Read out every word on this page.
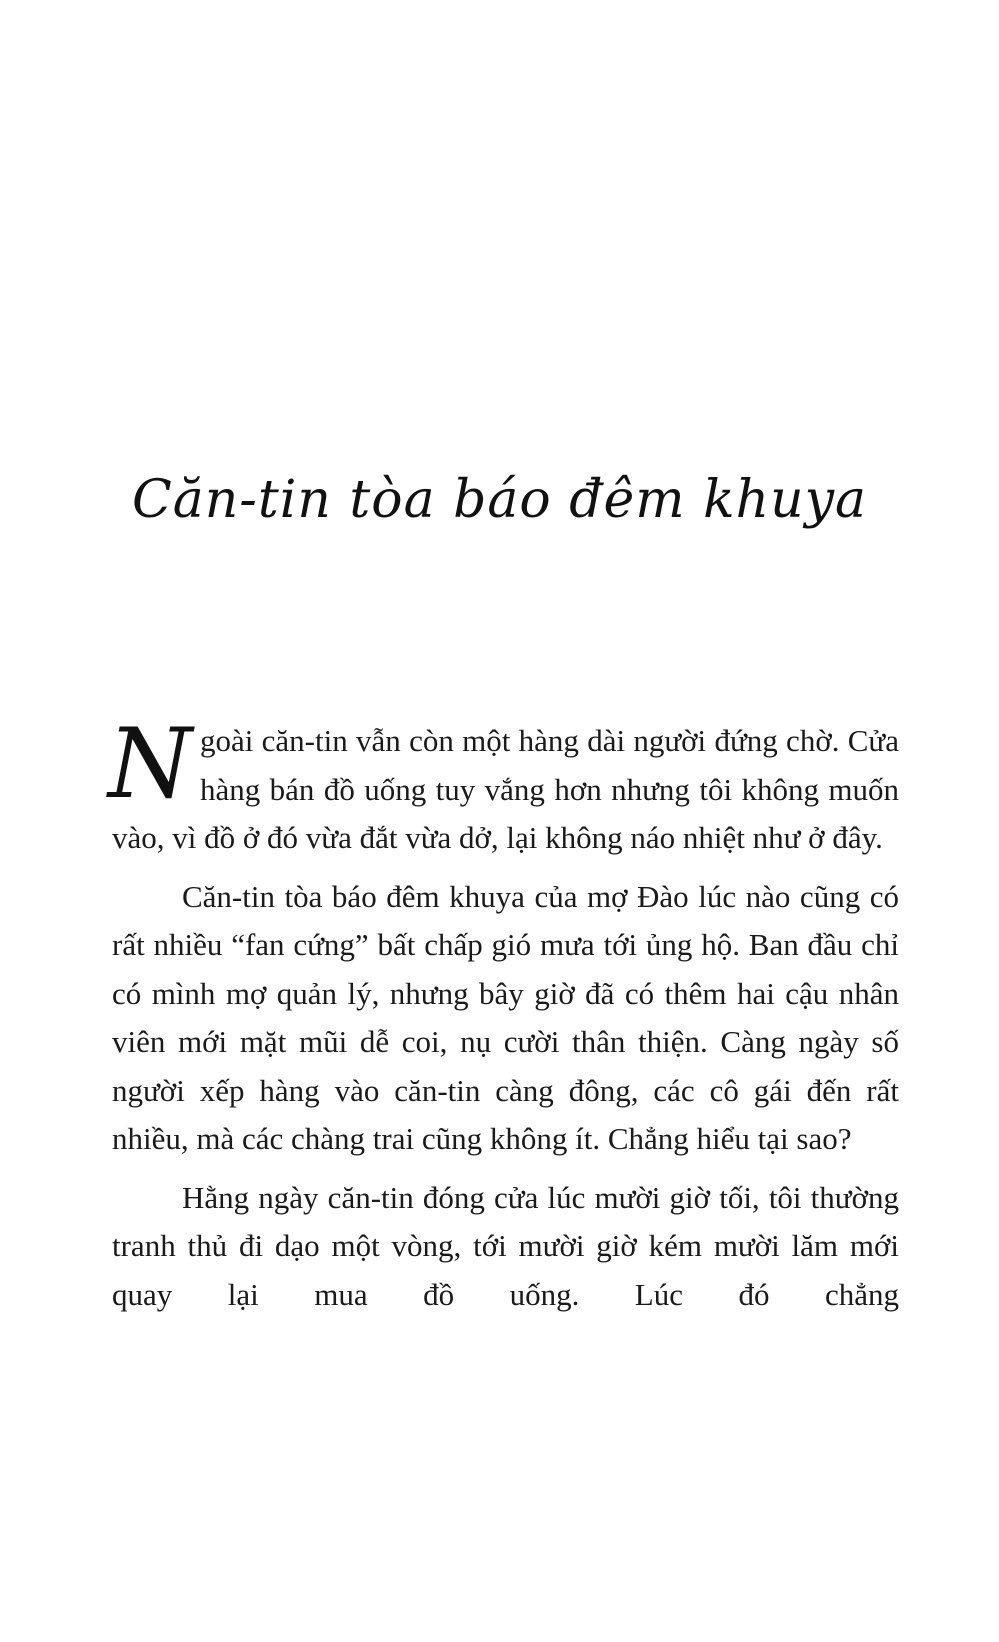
Căn-tin tòa báo đêm khuya

Ngoài căn-tin vẫn còn một hàng dài người đứng chờ. Cửa hàng bán đồ uống tuy vắng hơn nhưng tôi không muốn vào, vì đồ ở đó vừa đắt vừa dở, lại không náo nhiệt như ở đây.

Căn-tin tòa báo đêm khuya của mợ Đào lúc nào cũng có rất nhiều “fan cứng” bất chấp gió mưa tới ủng hộ. Ban đầu chỉ có mình mợ quản lý, nhưng bây giờ đã có thêm hai cậu nhân viên mới mặt mũi dễ coi, nụ cười thân thiện. Càng ngày số người xếp hàng vào căn-tin càng đông, các cô gái đến rất nhiều, mà các chàng trai cũng không ít. Chẳng hiểu tại sao?

Hằng ngày căn-tin đóng cửa lúc mười giờ tối, tôi thường tranh thủ đi dạo một vòng, tới mười giờ kém mười lăm mới quay lại mua đồ uống. Lúc đó chẳng
